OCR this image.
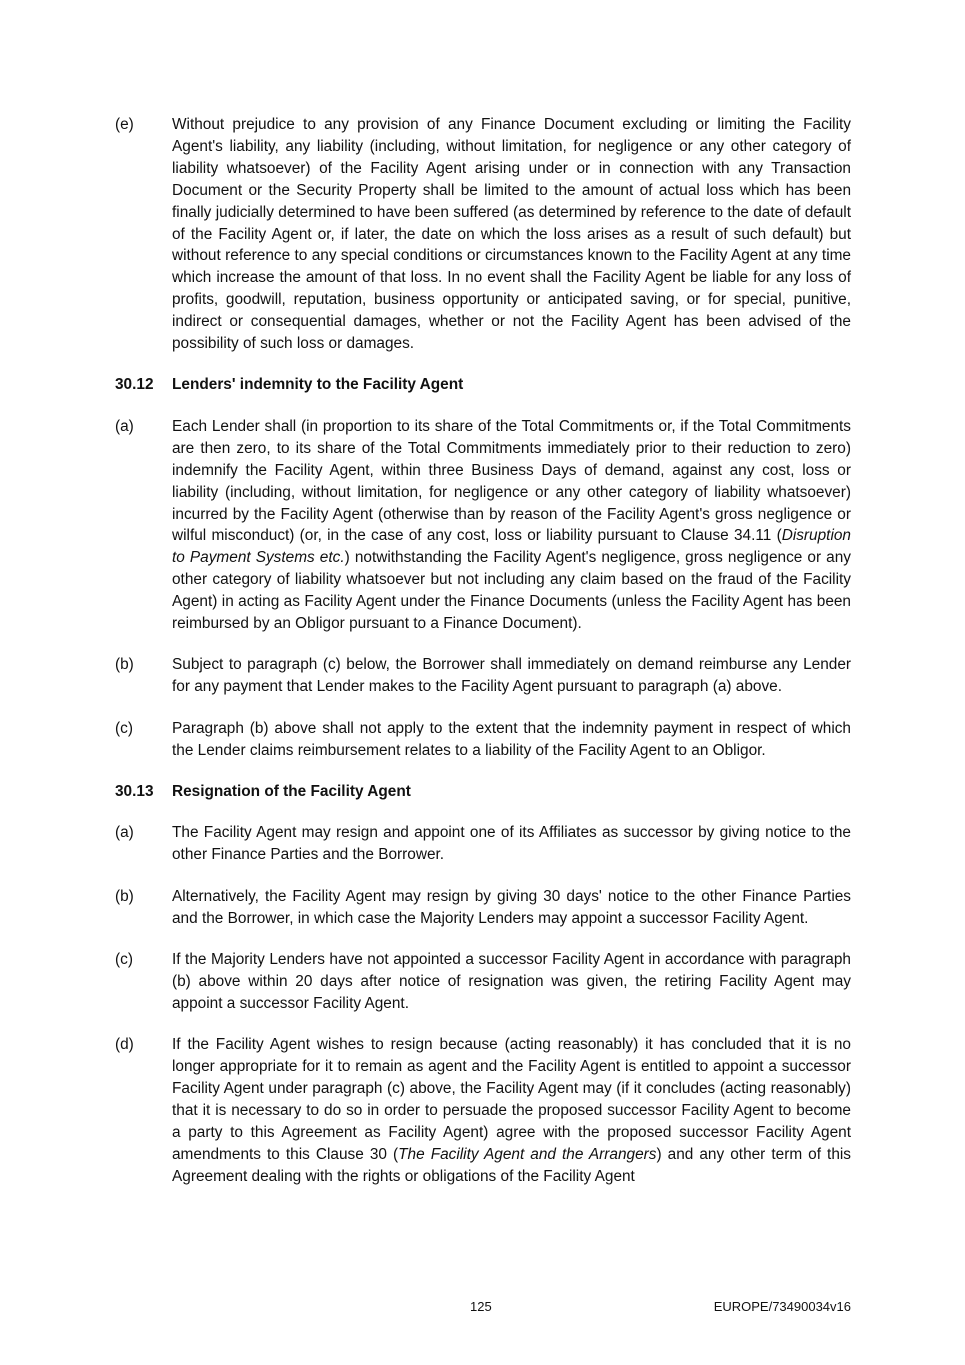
(e)	Without prejudice to any provision of any Finance Document excluding or limiting the Facility Agent's liability, any liability (including, without limitation, for negligence or any other category of liability whatsoever) of the Facility Agent arising under or in connection with any Transaction Document or the Security Property shall be limited to the amount of actual loss which has been finally judicially determined to have been suffered (as determined by reference to the date of default of the Facility Agent or, if later, the date on which the loss arises as a result of such default) but without reference to any special conditions or circumstances known to the Facility Agent at any time which increase the amount of that loss. In no event shall the Facility Agent be liable for any loss of profits, goodwill, reputation, business opportunity or anticipated saving, or for special, punitive, indirect or consequential damages, whether or not the Facility Agent has been advised of the possibility of such loss or damages.
30.12	Lenders' indemnity to the Facility Agent
(a)	Each Lender shall (in proportion to its share of the Total Commitments or, if the Total Commitments are then zero, to its share of the Total Commitments immediately prior to their reduction to zero) indemnify the Facility Agent, within three Business Days of demand, against any cost, loss or liability (including, without limitation, for negligence or any other category of liability whatsoever) incurred by the Facility Agent (otherwise than by reason of the Facility Agent's gross negligence or wilful misconduct) (or, in the case of any cost, loss or liability pursuant to Clause 34.11 (Disruption to Payment Systems etc.) notwithstanding the Facility Agent's negligence, gross negligence or any other category of liability whatsoever but not including any claim based on the fraud of the Facility Agent) in acting as Facility Agent under the Finance Documents (unless the Facility Agent has been reimbursed by an Obligor pursuant to a Finance Document).
(b)	Subject to paragraph (c) below, the Borrower shall immediately on demand reimburse any Lender for any payment that Lender makes to the Facility Agent pursuant to paragraph (a) above.
(c)	Paragraph (b) above shall not apply to the extent that the indemnity payment in respect of which the Lender claims reimbursement relates to a liability of the Facility Agent to an Obligor.
30.13	Resignation of the Facility Agent
(a)	The Facility Agent may resign and appoint one of its Affiliates as successor by giving notice to the other Finance Parties and the Borrower.
(b)	Alternatively, the Facility Agent may resign by giving 30 days' notice to the other Finance Parties and the Borrower, in which case the Majority Lenders may appoint a successor Facility Agent.
(c)	If the Majority Lenders have not appointed a successor Facility Agent in accordance with paragraph (b) above within 20 days after notice of resignation was given, the retiring Facility Agent may appoint a successor Facility Agent.
(d)	If the Facility Agent wishes to resign because (acting reasonably) it has concluded that it is no longer appropriate for it to remain as agent and the Facility Agent is entitled to appoint a successor Facility Agent under paragraph (c) above, the Facility Agent may (if it concludes (acting reasonably) that it is necessary to do so in order to persuade the proposed successor Facility Agent to become a party to this Agreement as Facility Agent) agree with the proposed successor Facility Agent amendments to this Clause 30 (The Facility Agent and the Arrangers) and any other term of this Agreement dealing with the rights or obligations of the Facility Agent
125	EUROPE/73490034v16
